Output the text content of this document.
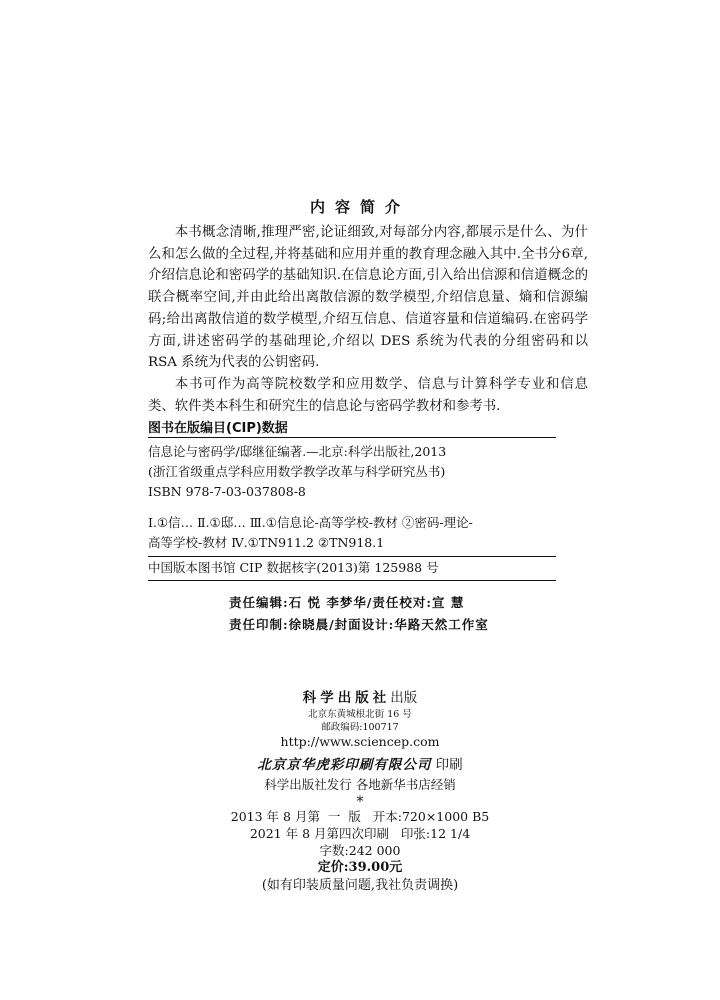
内容简介

本书概念清晰,推理严密,论证细致,对每部分内容,都展示是什么、为什么和怎么做的全过程,并将基础和应用并重的教育理念融入其中.全书分6章,介绍信息论和密码学的基础知识.在信息论方面,引入给出信源和信道概念的联合概率空间,并由此给出离散信源的数学模型,介绍信息量、熵和信源编码;给出离散信道的数学模型,介绍互信息、信道容量和信道编码.在密码学方面,讲述密码学的基础理论,介绍以 DES 系统为代表的分组密码和以 RSA 系统为代表的公钥密码.

本书可作为高等院校数学和应用数学、信息与计算科学专业和信息类、软件类本科生和研究生的信息论与密码学教材和参考书.

图书在版编目(CIP)数据
信息论与密码学/邸继征编著.—北京:科学出版社,2013
(浙江省级重点学科应用数学教学改革与科学研究丛书)
ISBN 978-7-03-037808-8
Ⅰ.①信… Ⅱ.①邸… Ⅲ.①信息论-高等学校-教材 ②密码-理论-
高等学校-教材 Ⅳ.①TN911.2 ②TN918.1
中国版本图书馆 CIP 数据核字(2013)第 125988 号
责任编辑:石 悦 李梦华/责任校对:宣 慧
责任印制:徐晓晨/封面设计:华路天然工作室
科学出版社出版
北京东黄城根北街 16 号
邮政编码:100717
http://www.sciencep.com
北京京华虎彩印刷有限公司 印刷
科学出版社发行 各地新华书店经销
*
2013 年 8 月第  一  版   开本:720×1000 B5
2021 年 8 月第四次印刷   印张:12 1/4
字数:242 000
定价:39.00元
(如有印装质量问题,我社负责调换)
